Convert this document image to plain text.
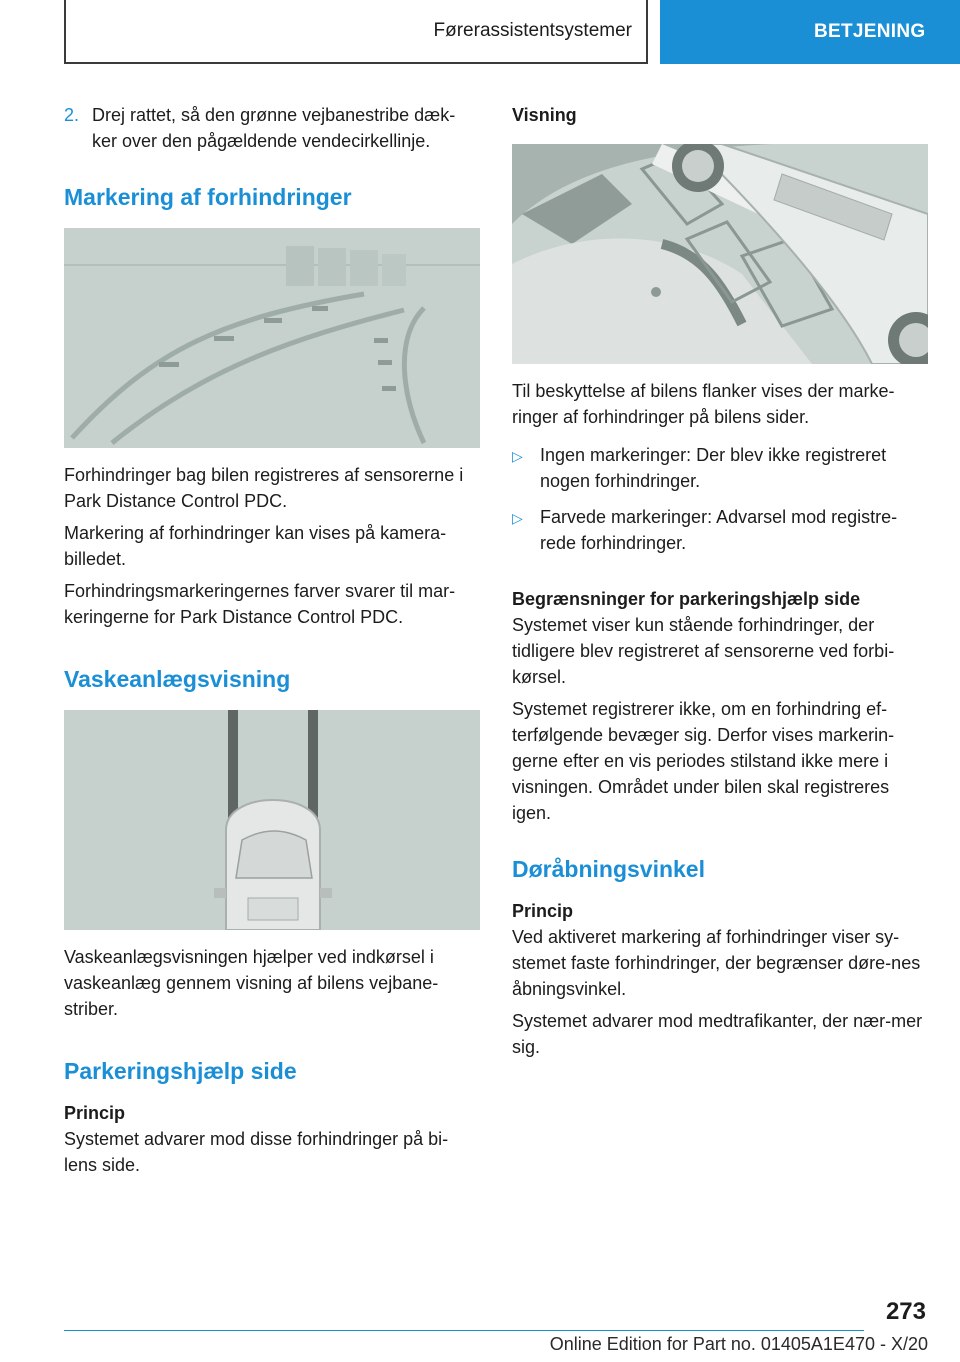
Førerassistentsystemer	BETJENING
2. Drej rattet, så den grønne vejbanestribe dæk-ker over den pågældende vendecirkellinje.
Markering af forhindringer

Forhindringer bag bilen registreres af sensorerne i Park Distance Control PDC.

Markering af forhindringer kan vises på kamera-billedet.

Forhindringsmarkeringernes farver svarer til mar-keringerne for Park Distance Control PDC.

Vaskeanlægsvisning

Vaskeanlægsvisningen hjælper ved indkørsel i vaskeanlæg gennem visning af bilens vejbane-striber.

Parkeringshjælp side
Princip

Systemet advarer mod disse forhindringer på bi-lens side.

Visning

Til beskyttelse af bilens flanker vises der marke-ringer af forhindringer på bilens sider.

▷ Ingen markeringer: Der blev ikke registreret nogen forhindringer.
▷ Farvede markeringer: Advarsel mod registre-rede forhindringer.
Begrænsninger for parkeringshjælp side

Systemet viser kun stående forhindringer, der tidligere blev registreret af sensorerne ved forbi-kørsel.

Systemet registrerer ikke, om en forhindring ef-terfølgende bevæger sig. Derfor vises markerin-gerne efter en vis periodes stilstand ikke mere i visningen. Området under bilen skal registreres igen.

Døråbningsvinkel
Princip

Ved aktiveret markering af forhindringer viser sy-stemet faste forhindringer, der begrænser døre-nes åbningsvinkel.

Systemet advarer mod medtrafikanter, der nær-mer sig.

273
Online Edition for Part no. 01405A1E470 - X/20
